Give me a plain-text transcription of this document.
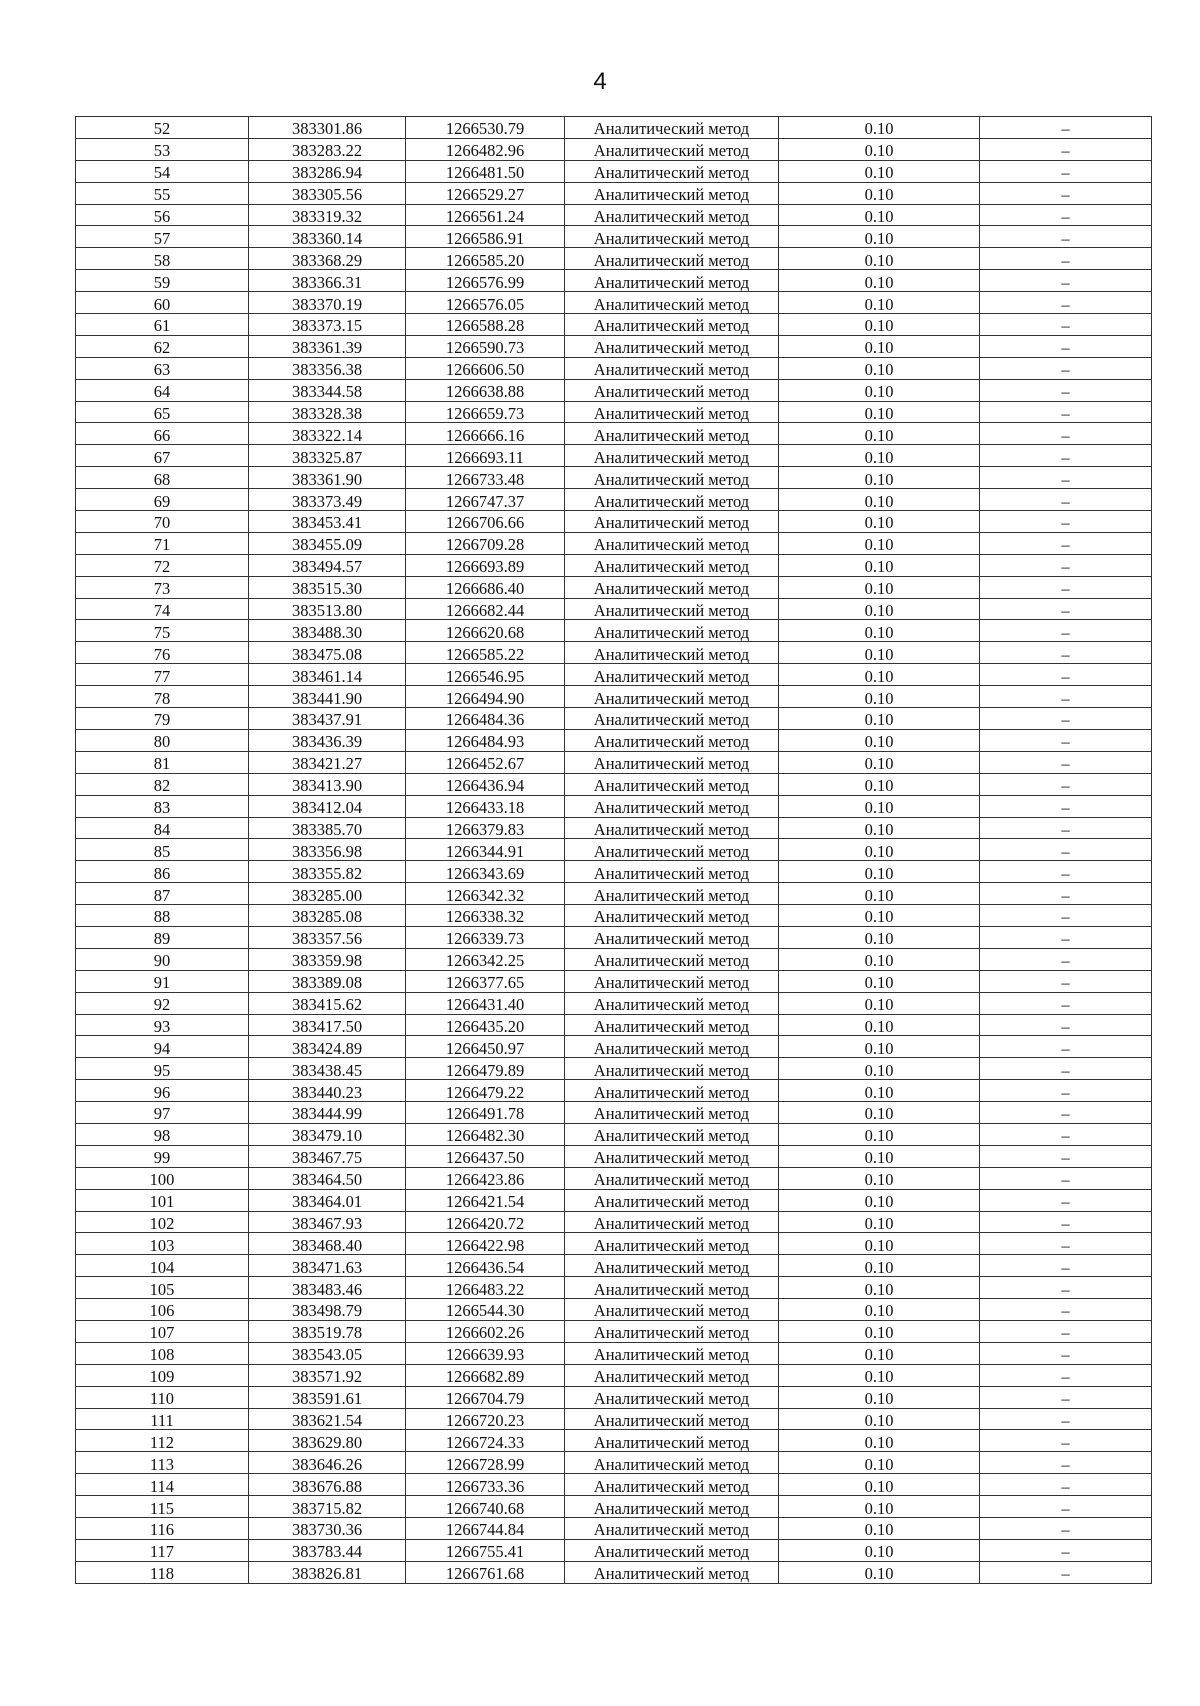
4
52	383301.86	1266530.79	Аналитический метод	0.10	–
53	383283.22	1266482.96	Аналитический метод	0.10	–
54	383286.94	1266481.50	Аналитический метод	0.10	–
55	383305.56	1266529.27	Аналитический метод	0.10	–
56	383319.32	1266561.24	Аналитический метод	0.10	–
57	383360.14	1266586.91	Аналитический метод	0.10	–
58	383368.29	1266585.20	Аналитический метод	0.10	–
59	383366.31	1266576.99	Аналитический метод	0.10	–
60	383370.19	1266576.05	Аналитический метод	0.10	–
61	383373.15	1266588.28	Аналитический метод	0.10	–
62	383361.39	1266590.73	Аналитический метод	0.10	–
63	383356.38	1266606.50	Аналитический метод	0.10	–
64	383344.58	1266638.88	Аналитический метод	0.10	–
65	383328.38	1266659.73	Аналитический метод	0.10	–
66	383322.14	1266666.16	Аналитический метод	0.10	–
67	383325.87	1266693.11	Аналитический метод	0.10	–
68	383361.90	1266733.48	Аналитический метод	0.10	–
69	383373.49	1266747.37	Аналитический метод	0.10	–
70	383453.41	1266706.66	Аналитический метод	0.10	–
71	383455.09	1266709.28	Аналитический метод	0.10	–
72	383494.57	1266693.89	Аналитический метод	0.10	–
73	383515.30	1266686.40	Аналитический метод	0.10	–
74	383513.80	1266682.44	Аналитический метод	0.10	–
75	383488.30	1266620.68	Аналитический метод	0.10	–
76	383475.08	1266585.22	Аналитический метод	0.10	–
77	383461.14	1266546.95	Аналитический метод	0.10	–
78	383441.90	1266494.90	Аналитический метод	0.10	–
79	383437.91	1266484.36	Аналитический метод	0.10	–
80	383436.39	1266484.93	Аналитический метод	0.10	–
81	383421.27	1266452.67	Аналитический метод	0.10	–
82	383413.90	1266436.94	Аналитический метод	0.10	–
83	383412.04	1266433.18	Аналитический метод	0.10	–
84	383385.70	1266379.83	Аналитический метод	0.10	–
85	383356.98	1266344.91	Аналитический метод	0.10	–
86	383355.82	1266343.69	Аналитический метод	0.10	–
87	383285.00	1266342.32	Аналитический метод	0.10	–
88	383285.08	1266338.32	Аналитический метод	0.10	–
89	383357.56	1266339.73	Аналитический метод	0.10	–
90	383359.98	1266342.25	Аналитический метод	0.10	–
91	383389.08	1266377.65	Аналитический метод	0.10	–
92	383415.62	1266431.40	Аналитический метод	0.10	–
93	383417.50	1266435.20	Аналитический метод	0.10	–
94	383424.89	1266450.97	Аналитический метод	0.10	–
95	383438.45	1266479.89	Аналитический метод	0.10	–
96	383440.23	1266479.22	Аналитический метод	0.10	–
97	383444.99	1266491.78	Аналитический метод	0.10	–
98	383479.10	1266482.30	Аналитический метод	0.10	–
99	383467.75	1266437.50	Аналитический метод	0.10	–
100	383464.50	1266423.86	Аналитический метод	0.10	–
101	383464.01	1266421.54	Аналитический метод	0.10	–
102	383467.93	1266420.72	Аналитический метод	0.10	–
103	383468.40	1266422.98	Аналитический метод	0.10	–
104	383471.63	1266436.54	Аналитический метод	0.10	–
105	383483.46	1266483.22	Аналитический метод	0.10	–
106	383498.79	1266544.30	Аналитический метод	0.10	–
107	383519.78	1266602.26	Аналитический метод	0.10	–
108	383543.05	1266639.93	Аналитический метод	0.10	–
109	383571.92	1266682.89	Аналитический метод	0.10	–
110	383591.61	1266704.79	Аналитический метод	0.10	–
111	383621.54	1266720.23	Аналитический метод	0.10	–
112	383629.80	1266724.33	Аналитический метод	0.10	–
113	383646.26	1266728.99	Аналитический метод	0.10	–
114	383676.88	1266733.36	Аналитический метод	0.10	–
115	383715.82	1266740.68	Аналитический метод	0.10	–
116	383730.36	1266744.84	Аналитический метод	0.10	–
117	383783.44	1266755.41	Аналитический метод	0.10	–
118	383826.81	1266761.68	Аналитический метод	0.10	–
